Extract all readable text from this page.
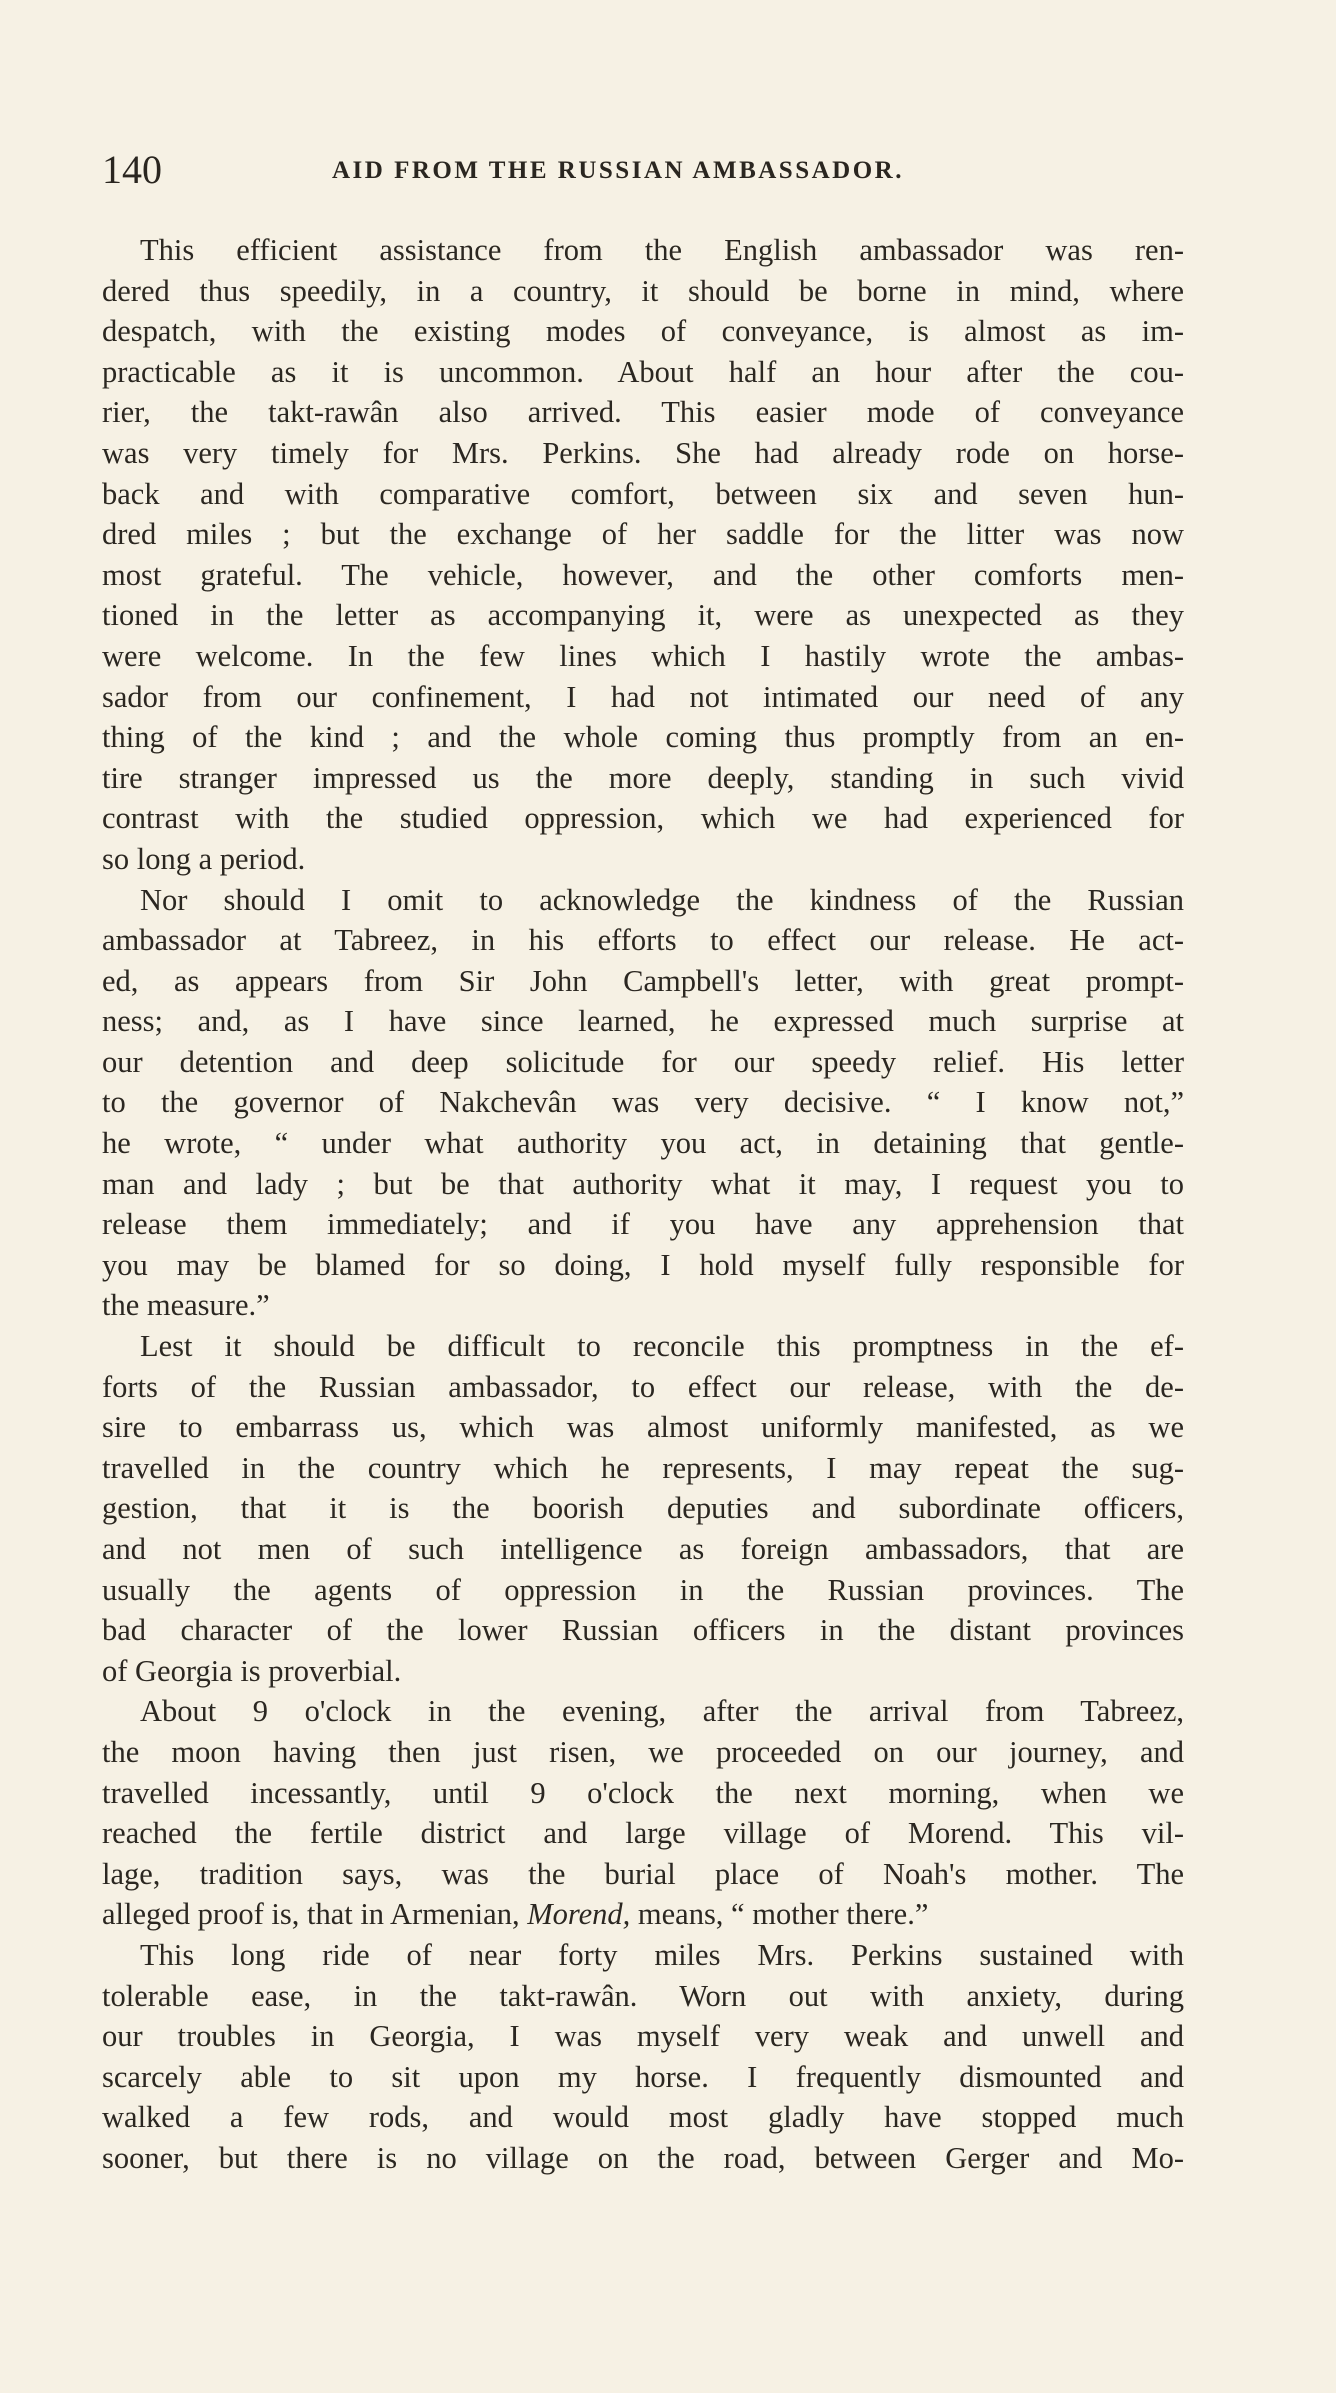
140	AID FROM THE RUSSIAN AMBASSADOR.
This efficient assistance from the English ambassador was ren-
dered thus speedily, in a country, it should be borne in mind, where
despatch, with the existing modes of conveyance, is almost as im-
practicable as it is uncommon. About half an hour after the cou-
rier, the takt-rawân also arrived. This easier mode of conveyance
was very timely for Mrs. Perkins. She had already rode on horse-
back and with comparative comfort, between six and seven hun-
dred miles ; but the exchange of her saddle for the litter was now
most grateful. The vehicle, however, and the other comforts men-
tioned in the letter as accompanying it, were as unexpected as they
were welcome. In the few lines which I hastily wrote the ambas-
sador from our confinement, I had not intimated our need of any
thing of the kind ; and the whole coming thus promptly from an en-
tire stranger impressed us the more deeply, standing in such vivid
contrast with the studied oppression, which we had experienced for
so long a period.
Nor should I omit to acknowledge the kindness of the Russian
ambassador at Tabreez, in his efforts to effect our release. He act-
ed, as appears from Sir John Campbell's letter, with great prompt-
ness; and, as I have since learned, he expressed much surprise at
our detention and deep solicitude for our speedy relief. His letter
to the governor of Nakchevân was very decisive. “ I know not,”
he wrote, “ under what authority you act, in detaining that gentle-
man and lady ; but be that authority what it may, I request you to
release them immediately; and if you have any apprehension that
you may be blamed for so doing, I hold myself fully responsible for
the measure.”
Lest it should be difficult to reconcile this promptness in the ef-
forts of the Russian ambassador, to effect our release, with the de-
sire to embarrass us, which was almost uniformly manifested, as we
travelled in the country which he represents, I may repeat the sug-
gestion, that it is the boorish deputies and subordinate officers,
and not men of such intelligence as foreign ambassadors, that are
usually the agents of oppression in the Russian provinces. The
bad character of the lower Russian officers in the distant provinces
of Georgia is proverbial.
About 9 o'clock in the evening, after the arrival from Tabreez,
the moon having then just risen, we proceeded on our journey, and
travelled incessantly, until 9 o'clock the next morning, when we
reached the fertile district and large village of Morend. This vil-
lage, tradition says, was the burial place of Noah's mother. The
alleged proof is, that in Armenian, Morend, means, “ mother there.”
This long ride of near forty miles Mrs. Perkins sustained with
tolerable ease, in the takt-rawân. Worn out with anxiety, during
our troubles in Georgia, I was myself very weak and unwell and
scarcely able to sit upon my horse. I frequently dismounted and
walked a few rods, and would most gladly have stopped much
sooner, but there is no village on the road, between Gerger and Mo-
